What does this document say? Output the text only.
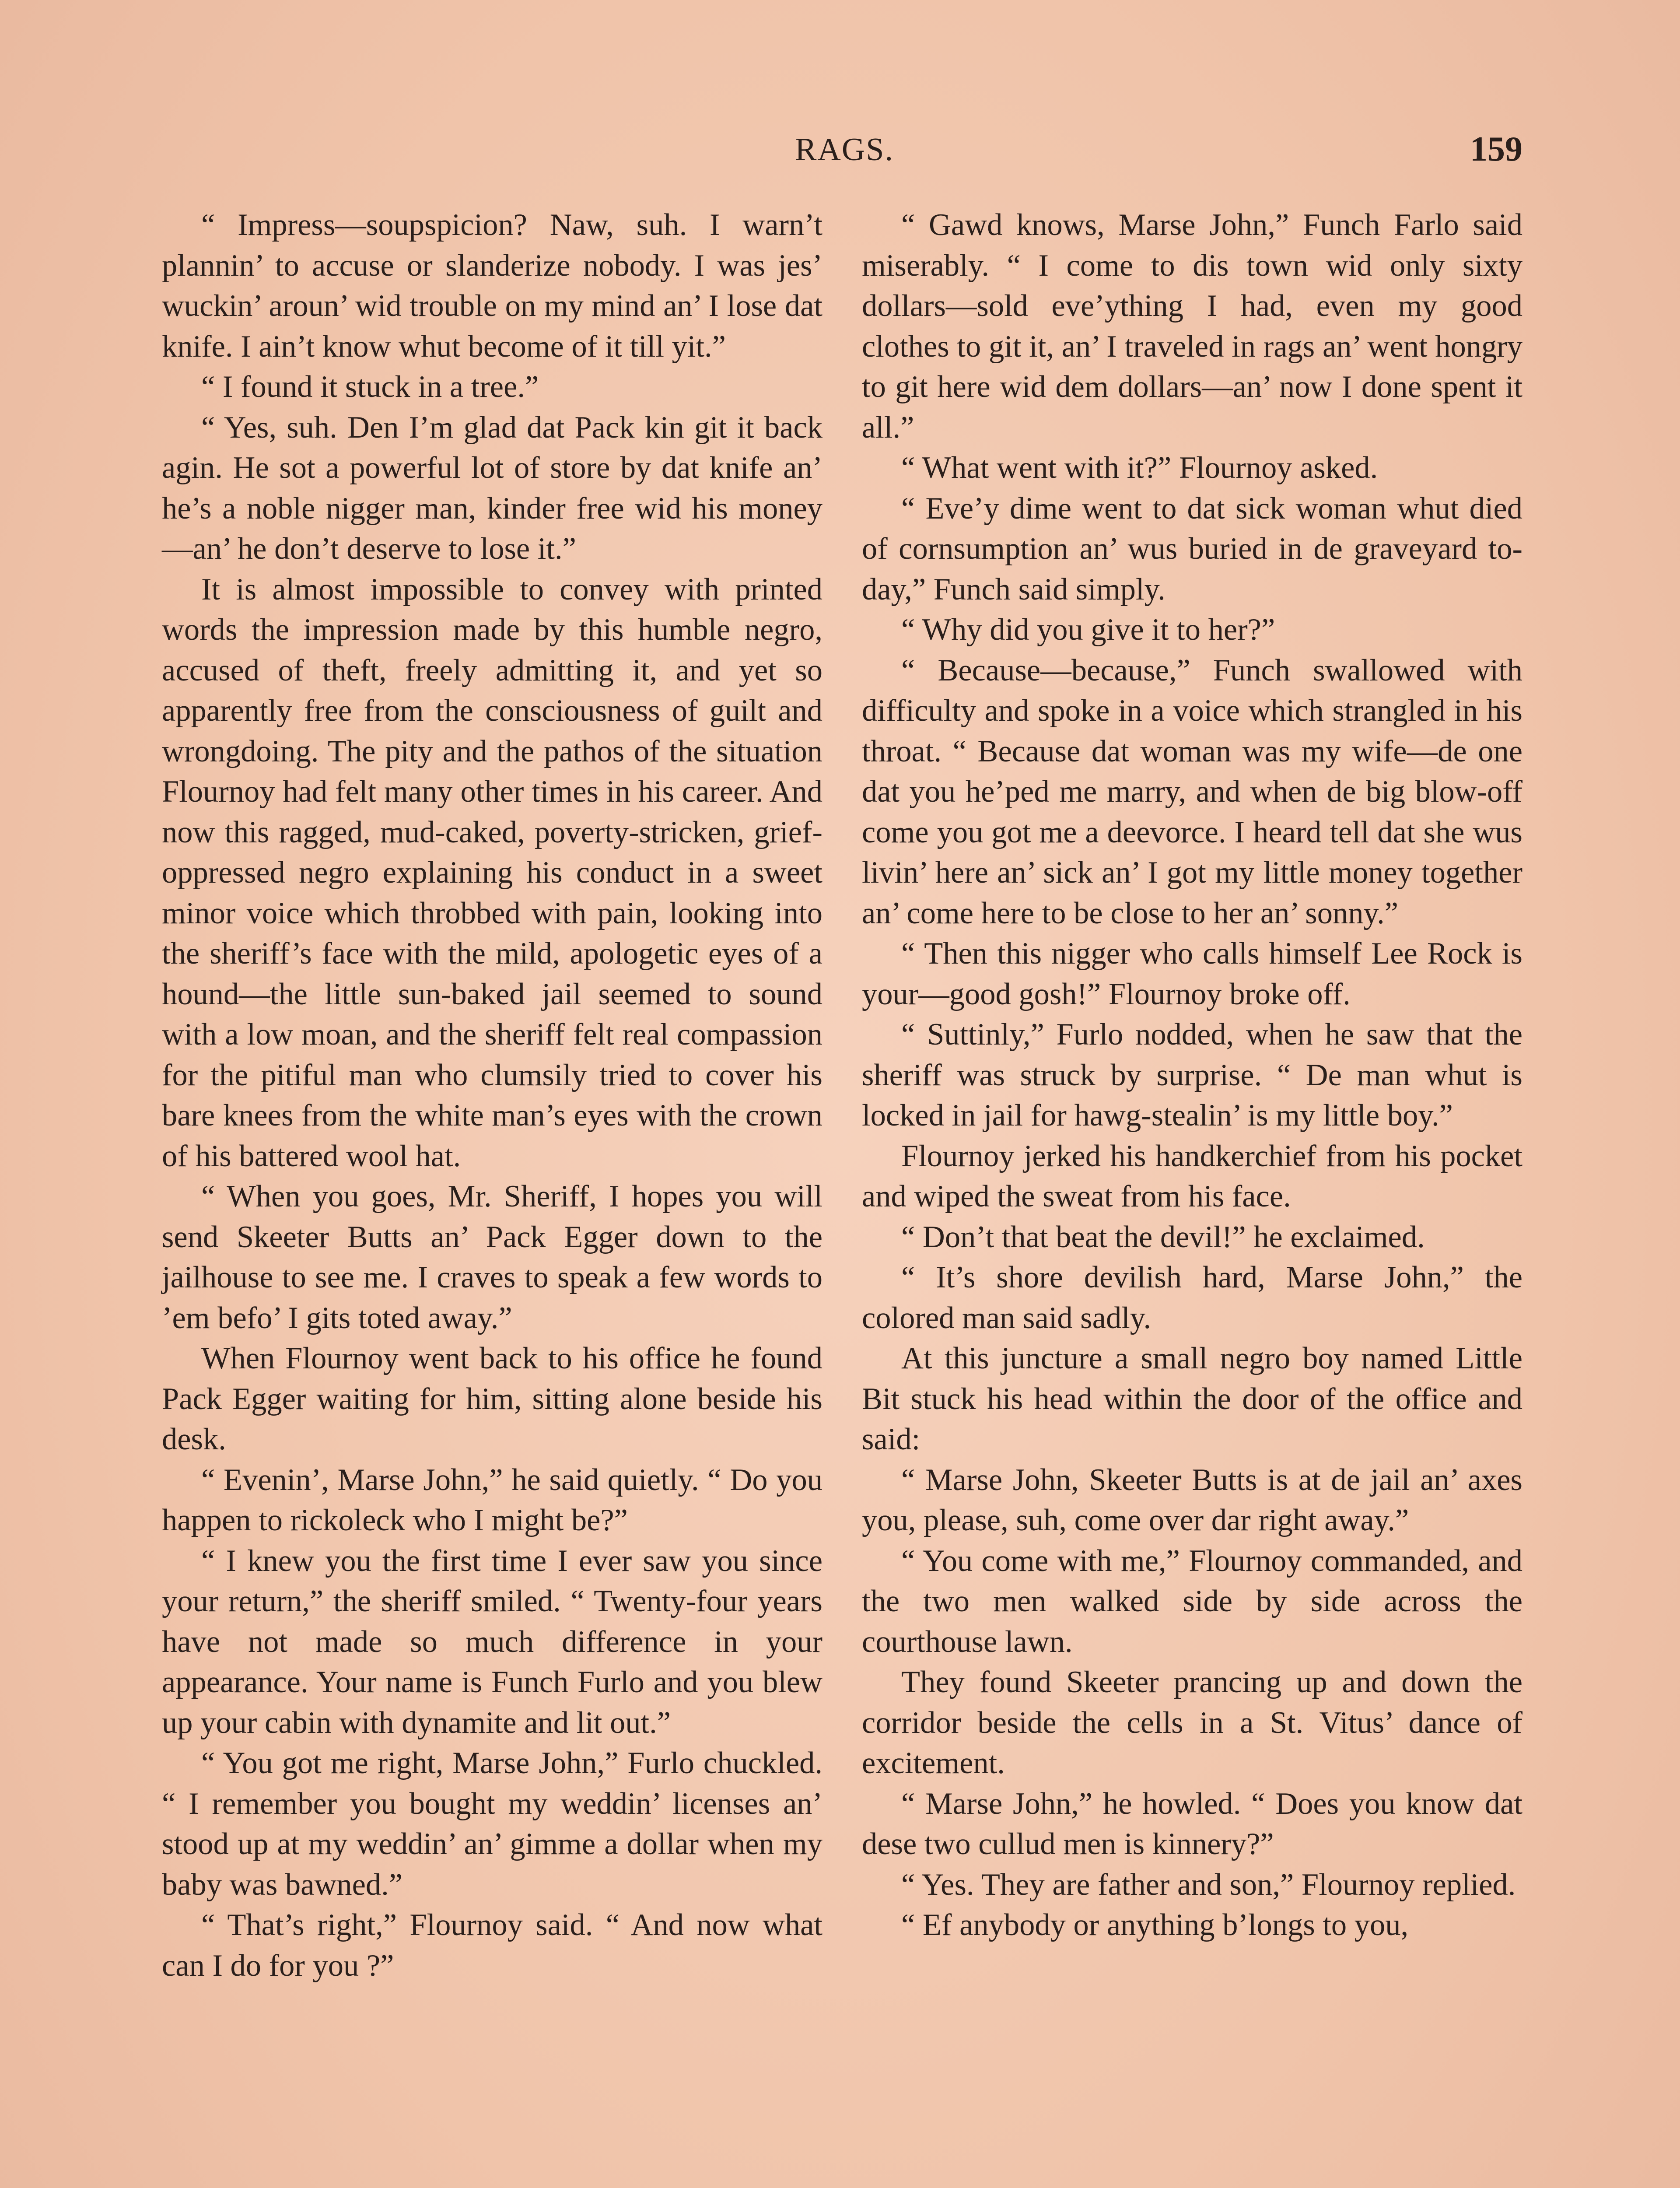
RAGS.	159

“ Impress—soupspicion? Naw, suh. I warn’t plannin’ to accuse or slanderize nobody. I was jes’ wuckin’ aroun’ wid trouble on my mind an’ I lose dat knife. I ain’t know whut become of it till yit.”

“ I found it stuck in a tree.”

“ Yes, suh. Den I’m glad dat Pack kin git it back agin. He sot a powerful lot of store by dat knife an’ he’s a noble nigger man, kinder free wid his money—an’ he don’t deserve to lose it.”

It is almost impossible to convey with printed words the impression made by this humble negro, accused of theft, freely admitting it, and yet so apparently free from the consciousness of guilt and wrongdoing. The pity and the pathos of the situation Flournoy had felt many other times in his career. And now this ragged, mud-caked, poverty-stricken, grief-oppressed negro explaining his conduct in a sweet minor voice which throbbed with pain, looking into the sheriff’s face with the mild, apologetic eyes of a hound—the little sun-baked jail seemed to sound with a low moan, and the sheriff felt real compassion for the pitiful man who clumsily tried to cover his bare knees from the white man’s eyes with the crown of his battered wool hat.

“ When you goes, Mr. Sheriff, I hopes you will send Skeeter Butts an’ Pack Egger down to the jailhouse to see me. I craves to speak a few words to ’em befo’ I gits toted away.”

When Flournoy went back to his office he found Pack Egger waiting for him, sitting alone beside his desk.

“ Evenin’, Marse John,” he said quietly. “ Do you happen to rickoleck who I might be?”

“ I knew you the first time I ever saw you since your return,” the sheriff smiled. “ Twenty-four years have not made so much difference in your appearance. Your name is Funch Furlo and you blew up your cabin with dynamite and lit out.”

“ You got me right, Marse John,” Furlo chuckled. “ I remember you bought my weddin’ licenses an’ stood up at my weddin’ an’ gimme a dollar when my baby was bawned.”

“ That’s right,” Flournoy said. “ And now what can I do for you ?”

“ Gawd knows, Marse John,” Funch Farlo said miserably. “ I come to dis town wid only sixty dollars—sold eve’ything I had, even my good clothes to git it, an’ I traveled in rags an’ went hongry to git here wid dem dollars—an’ now I done spent it all.”

“ What went with it?” Flournoy asked.

“ Eve’y dime went to dat sick woman whut died of cornsumption an’ wus buried in de graveyard to-day,” Funch said simply.

“ Why did you give it to her?”

“ Because—because,” Funch swallowed with difficulty and spoke in a voice which strangled in his throat. “ Because dat woman was my wife—de one dat you he’ped me marry, and when de big blow-off come you got me a deevorce. I heard tell dat she wus livin’ here an’ sick an’ I got my little money together an’ come here to be close to her an’ sonny.”

“ Then this nigger who calls himself Lee Rock is your—good gosh!” Flournoy broke off.

“ Suttinly,” Furlo nodded, when he saw that the sheriff was struck by surprise. “ De man whut is locked in jail for hawg-stealin’ is my little boy.”

Flournoy jerked his handkerchief from his pocket and wiped the sweat from his face.

“ Don’t that beat the devil!” he exclaimed.

“ It’s shore devilish hard, Marse John,” the colored man said sadly.

At this juncture a small negro boy named Little Bit stuck his head within the door of the office and said:

“ Marse John, Skeeter Butts is at de jail an’ axes you, please, suh, come over dar right away.”

“ You come with me,” Flournoy commanded, and the two men walked side by side across the courthouse lawn.

They found Skeeter prancing up and down the corridor beside the cells in a St. Vitus’ dance of excitement.

“ Marse John,” he howled. “ Does you know dat dese two cullud men is kinnery?”

“ Yes. They are father and son,” Flournoy replied.

“ Ef anybody or anything b’longs to you,
